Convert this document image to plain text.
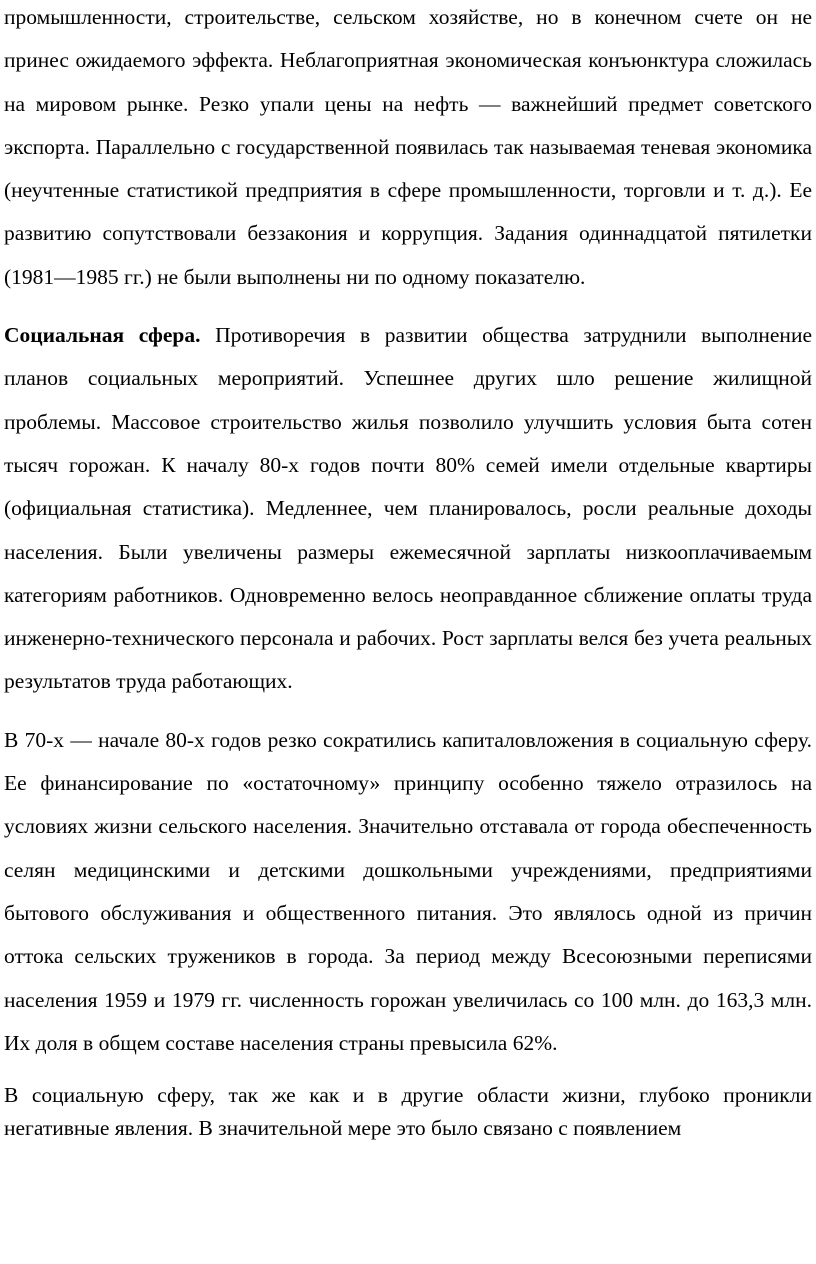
промышленности, строительстве, сельском хозяйстве, но в конечном счете он не принес ожидаемого эффекта. Неблагоприятная экономическая конъюнктура сложилась на мировом рынке. Резко упали цены на нефть — важнейший предмет советского экспорта. Параллельно с государственной появилась так называемая теневая экономика (неучтенные статистикой предприятия в сфере промышленности, торговли и т. д.). Ее развитию сопутствовали беззакония и коррупция. Задания одиннадцатой пятилетки (1981—1985 гг.) не были выполнены ни по одному показателю.

Социальная сфера. Противоречия в развитии общества затруднили выполнение планов социальных мероприятий. Успешнее других шло решение жилищной проблемы. Массовое строительство жилья позволило улучшить условия быта сотен тысяч горожан. К началу 80-х годов почти 80% семей имели отдельные квартиры (официальная статистика). Медленнее, чем планировалось, росли реальные доходы населения. Были увеличены размеры ежемесячной зарплаты низкооплачиваемым категориям работников. Одновременно велось неоправданное сближение оплаты труда инженерно-технического персонала и рабочих. Рост зарплаты велся без учета реальных результатов труда работающих.

В 70-х — начале 80-х годов резко сократились капиталовложения в социальную сферу. Ее финансирование по «остаточному» принципу особенно тяжело отразилось на условиях жизни сельского населения. Значительно отставала от города обеспеченность селян медицинскими и детскими дошкольными учреждениями, предприятиями бытового обслуживания и общественного питания. Это являлось одной из причин оттока сельских тружеников в города. За период между Всесоюзными переписями населения 1959 и 1979 гг. численность горожан увеличилась со 100 млн. до 163,3 млн. Их доля в общем составе населения страны превысила 62%.

В социальную сферу, так же как и в другие области жизни, глубоко проникли негативные явления. В значительной мере это было связано с появлением
